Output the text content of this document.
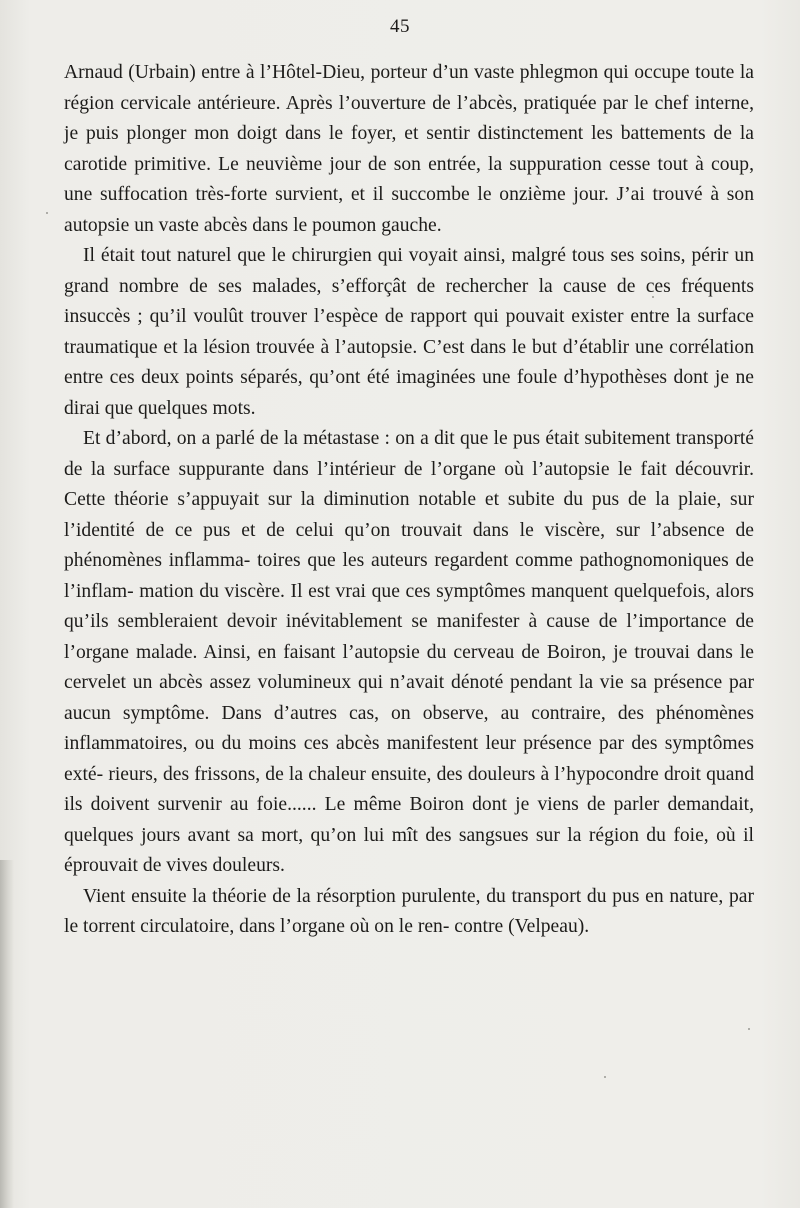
45

Arnaud (Urbain) entre à l’Hôtel-Dieu, porteur d’un vaste phlegmon qui occupe toute la région cervicale antérieure. Après l’ouverture de l’abcès, pratiquée par le chef interne, je puis plonger mon doigt dans le foyer, et sentir distinctement les battements de la carotide primitive. Le neuvième jour de son entrée, la suppuration cesse tout à coup, une suffocation très-forte survient, et il succombe le onzième jour. J’ai trouvé à son autopsie un vaste abcès dans le poumon gauche.

Il était tout naturel que le chirurgien qui voyait ainsi, malgré tous ses soins, périr un grand nombre de ses malades, s’efforçât de rechercher la cause de ces fréquents insuccès ; qu’il voulût trouver l’espèce de rapport qui pouvait exister entre la surface traumatique et la lésion trouvée à l’autopsie. C’est dans le but d’établir une corrélation entre ces deux points séparés, qu’ont été imaginées une foule d’hypothèses dont je ne dirai que quelques mots.

Et d’abord, on a parlé de la métastase : on a dit que le pus était subitement transporté de la surface suppurante dans l’intérieur de l’organe où l’autopsie le fait découvrir. Cette théorie s’appuyait sur la diminution notable et subite du pus de la plaie, sur l’identité de ce pus et de celui qu’on trouvait dans le viscère, sur l’absence de phénomènes inflamma- toires que les auteurs regardent comme pathognomoniques de l’inflam- mation du viscère. Il est vrai que ces symptômes manquent quelquefois, alors qu’ils sembleraient devoir inévitablement se manifester à cause de l’importance de l’organe malade. Ainsi, en faisant l’autopsie du cerveau de Boiron, je trouvai dans le cervelet un abcès assez volumineux qui n’avait dénoté pendant la vie sa présence par aucun symptôme. Dans d’autres cas, on observe, au contraire, des phénomènes inflammatoires, ou du moins ces abcès manifestent leur présence par des symptômes exté- rieurs, des frissons, de la chaleur ensuite, des douleurs à l’hypocondre droit quand ils doivent survenir au foie...... Le même Boiron dont je viens de parler demandait, quelques jours avant sa mort, qu’on lui mît des sangsues sur la région du foie, où il éprouvait de vives douleurs.

Vient ensuite la théorie de la résorption purulente, du transport du pus en nature, par le torrent circulatoire, dans l’organe où on le ren- contre (Velpeau).
